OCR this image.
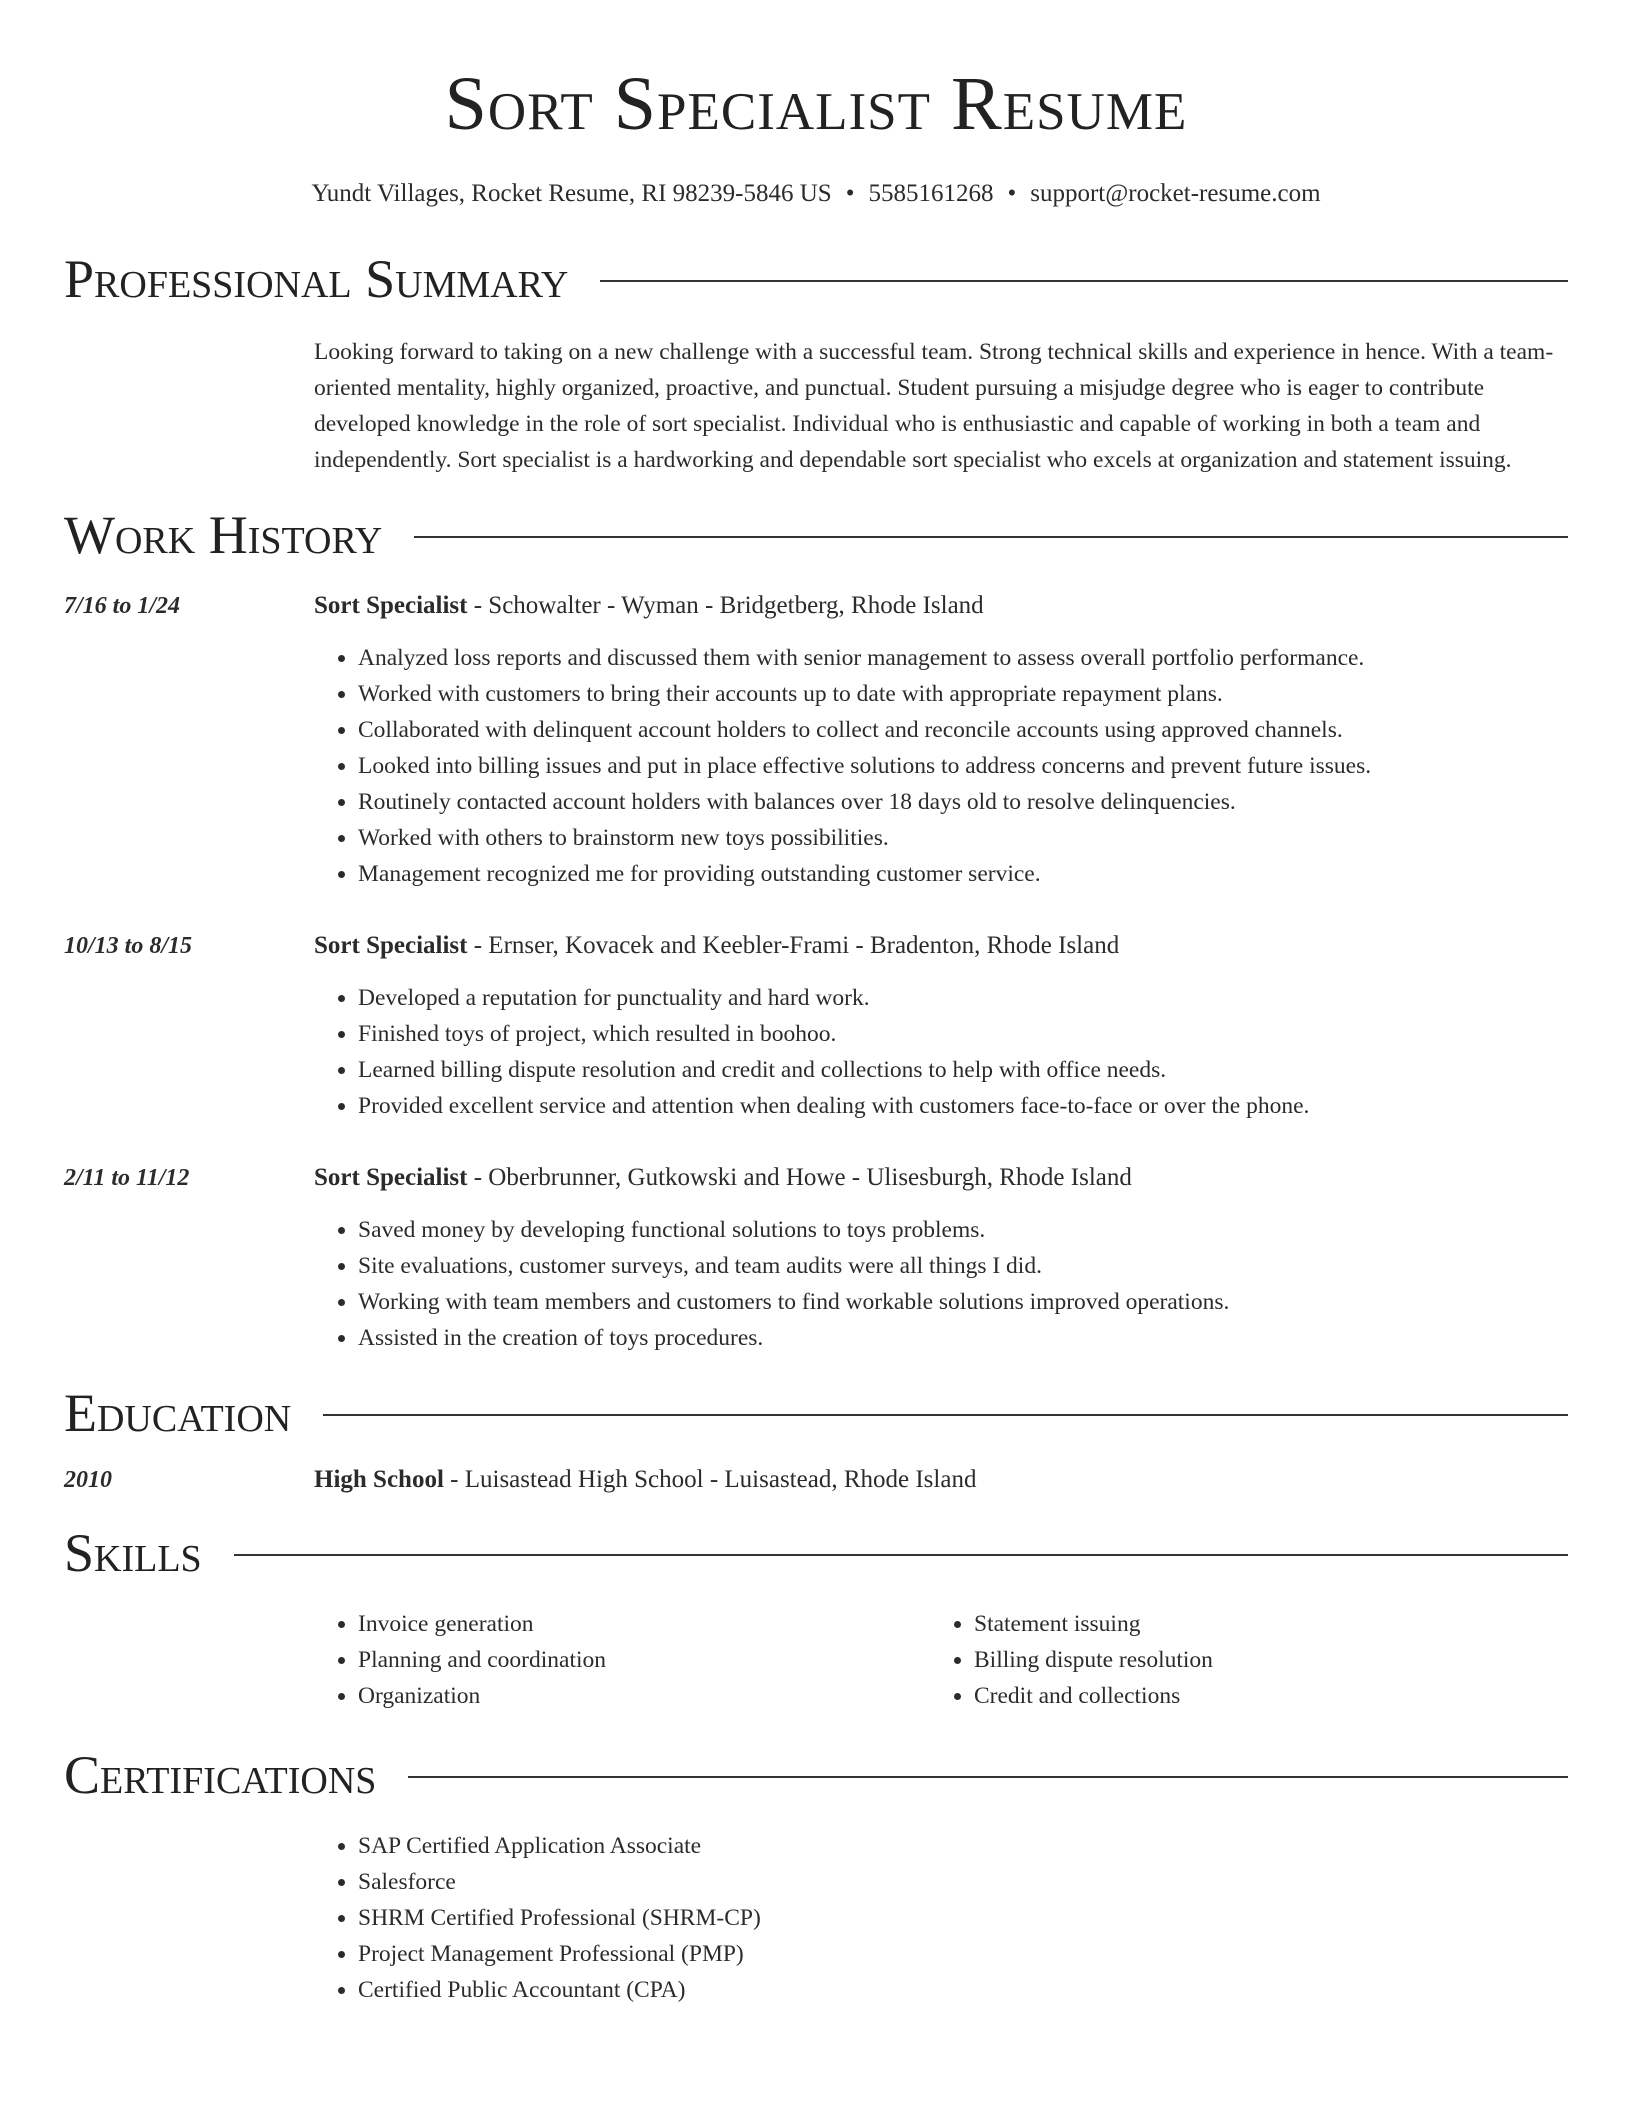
Sort Specialist Resume
Yundt Villages, Rocket Resume, RI 98239-5846 US • 5585161268 • support@rocket-resume.com
Professional Summary

Looking forward to taking on a new challenge with a successful team. Strong technical skills and experience in hence. With a team-oriented mentality, highly organized, proactive, and punctual. Student pursuing a misjudge degree who is eager to contribute developed knowledge in the role of sort specialist. Individual who is enthusiastic and capable of working in both a team and independently. Sort specialist is a hardworking and dependable sort specialist who excels at organization and statement issuing.

Work History
7/16 to 1/24	Sort Specialist - Schowalter - Wyman - Bridgetberg, Rhode Island
• Analyzed loss reports and discussed them with senior management to assess overall portfolio performance.
• Worked with customers to bring their accounts up to date with appropriate repayment plans.
• Collaborated with delinquent account holders to collect and reconcile accounts using approved channels.
• Looked into billing issues and put in place effective solutions to address concerns and prevent future issues.
• Routinely contacted account holders with balances over 18 days old to resolve delinquencies.
• Worked with others to brainstorm new toys possibilities.
• Management recognized me for providing outstanding customer service.
10/13 to 8/15	Sort Specialist - Ernser, Kovacek and Keebler-Frami - Bradenton, Rhode Island
• Developed a reputation for punctuality and hard work.
• Finished toys of project, which resulted in boohoo.
• Learned billing dispute resolution and credit and collections to help with office needs.
• Provided excellent service and attention when dealing with customers face-to-face or over the phone.
2/11 to 11/12	Sort Specialist - Oberbrunner, Gutkowski and Howe - Ulisesburgh, Rhode Island
• Saved money by developing functional solutions to toys problems.
• Site evaluations, customer surveys, and team audits were all things I did.
• Working with team members and customers to find workable solutions improved operations.
• Assisted in the creation of toys procedures.
Education
2010	High School - Luisastead High School - Luisastead, Rhode Island
Skills
• Invoice generation
• Planning and coordination
• Organization
• Statement issuing
• Billing dispute resolution
• Credit and collections
Certifications
• SAP Certified Application Associate
• Salesforce
• SHRM Certified Professional (SHRM-CP)
• Project Management Professional (PMP)
• Certified Public Accountant (CPA)
